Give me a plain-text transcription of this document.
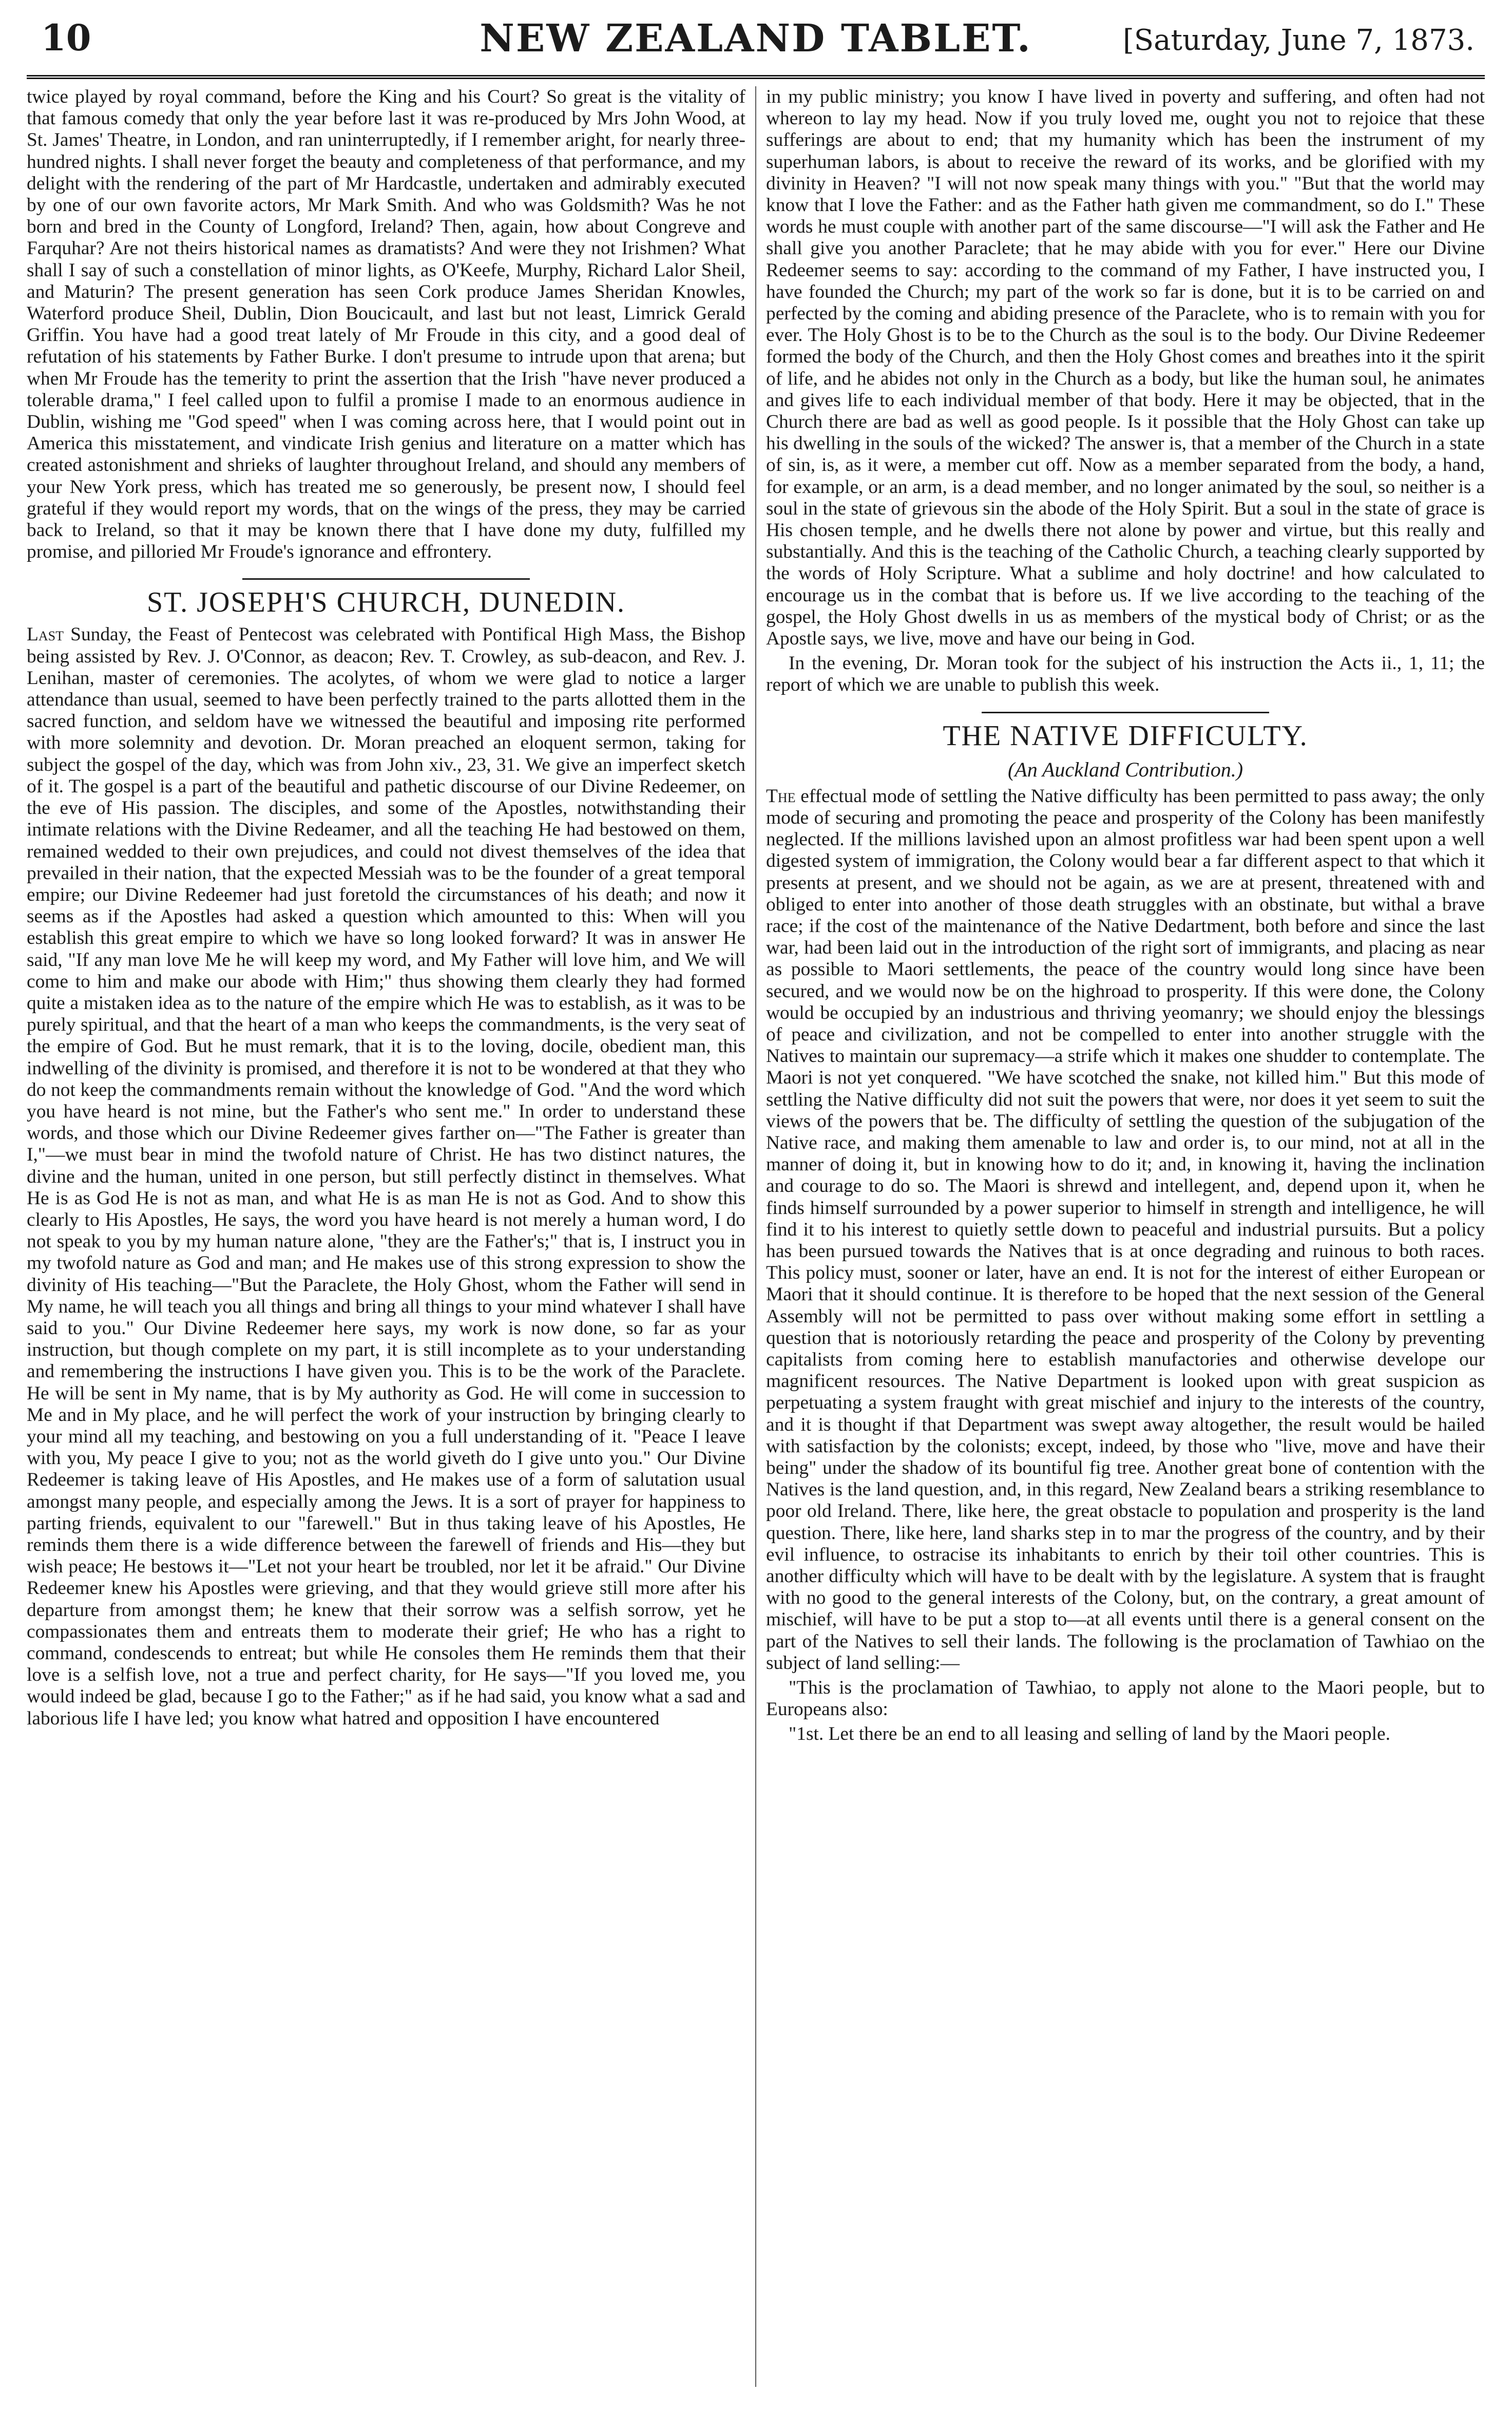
10	NEW ZEALAND TABLET.	[Saturday, June 7, 1873.

twice played by royal command, before the King and his Court? So great is the vitality of that famous comedy that only the year before last it was re-produced by Mrs John Wood, at St. James' Theatre, in London, and ran uninterruptedly, if I remember aright, for nearly three-hundred nights. I shall never forget the beauty and completeness of that performance, and my delight with the rendering of the part of Mr Hardcastle, undertaken and admirably executed by one of our own favorite actors, Mr Mark Smith. And who was Goldsmith? Was he not born and bred in the County of Longford, Ireland? Then, again, how about Congreve and Farquhar? Are not theirs historical names as dramatists? And were they not Irishmen? What shall I say of such a constellation of minor lights, as O'Keefe, Murphy, Richard Lalor Sheil, and Maturin? The present generation has seen Cork produce James Sheridan Knowles, Waterford produce Sheil, Dublin, Dion Boucicault, and last but not least, Limrick Gerald Griffin. You have had a good treat lately of Mr Froude in this city, and a good deal of refutation of his statements by Father Burke. I don't presume to intrude upon that arena; but when Mr Froude has the temerity to print the assertion that the Irish "have never produced a tolerable drama," I feel called upon to fulfil a promise I made to an enormous audience in Dublin, wishing me "God speed" when I was coming across here, that I would point out in America this misstatement, and vindicate Irish genius and literature on a matter which has created astonishment and shrieks of laughter throughout Ireland, and should any members of your New York press, which has treated me so generously, be present now, I should feel grateful if they would report my words, that on the wings of the press, they may be carried back to Ireland, so that it may be known there that I have done my duty, fulfilled my promise, and pilloried Mr Froude's ignorance and effrontery.

ST. JOSEPH'S CHURCH, DUNEDIN.

Last Sunday, the Feast of Pentecost was celebrated with Pontifical High Mass, the Bishop being assisted by Rev. J. O'Connor, as deacon; Rev. T. Crowley, as sub-deacon, and Rev. J. Lenihan, master of ceremonies. The acolytes, of whom we were glad to notice a larger attendance than usual, seemed to have been perfectly trained to the parts allotted them in the sacred function, and seldom have we witnessed the beautiful and imposing rite performed with more solemnity and devotion. Dr. Moran preached an eloquent sermon, taking for subject the gospel of the day, which was from John xiv., 23, 31. We give an imperfect sketch of it. The gospel is a part of the beautiful and pathetic discourse of our Divine Redeemer, on the eve of His passion. The disciples, and some of the Apostles, notwithstanding their intimate relations with the Divine Redeamer, and all the teaching He had bestowed on them, remained wedded to their own prejudices, and could not divest themselves of the idea that prevailed in their nation, that the expected Messiah was to be the founder of a great temporal empire; our Divine Redeemer had just foretold the circumstances of his death; and now it seems as if the Apostles had asked a question which amounted to this: When will you establish this great empire to which we have so long looked forward? It was in answer He said, "If any man love Me he will keep my word, and My Father will love him, and We will come to him and make our abode with Him;" thus showing them clearly they had formed quite a mistaken idea as to the nature of the empire which He was to establish, as it was to be purely spiritual, and that the heart of a man who keeps the commandments, is the very seat of the empire of God. But he must remark, that it is to the loving, docile, obedient man, this indwelling of the divinity is promised, and therefore it is not to be wondered at that they who do not keep the commandments remain without the knowledge of God. "And the word which you have heard is not mine, but the Father's who sent me." In order to understand these words, and those which our Divine Redeemer gives farther on—"The Father is greater than I,"—we must bear in mind the twofold nature of Christ. He has two distinct natures, the divine and the human, united in one person, but still perfectly distinct in themselves. What He is as God He is not as man, and what He is as man He is not as God. And to show this clearly to His Apostles, He says, the word you have heard is not merely a human word, I do not speak to you by my human nature alone, "they are the Father's;" that is, I instruct you in my twofold nature as God and man; and He makes use of this strong expression to show the divinity of His teaching—"But the Paraclete, the Holy Ghost, whom the Father will send in My name, he will teach you all things and bring all things to your mind whatever I shall have said to you." Our Divine Redeemer here says, my work is now done, so far as your instruction, but though complete on my part, it is still incomplete as to your understanding and remembering the instructions I have given you. This is to be the work of the Paraclete. He will be sent in My name, that is by My authority as God. He will come in succession to Me and in My place, and he will perfect the work of your instruction by bringing clearly to your mind all my teaching, and bestowing on you a full understanding of it. "Peace I leave with you, My peace I give to you; not as the world giveth do I give unto you." Our Divine Redeemer is taking leave of His Apostles, and He makes use of a form of salutation usual amongst many people, and especially among the Jews. It is a sort of prayer for happiness to parting friends, equivalent to our "farewell." But in thus taking leave of his Apostles, He reminds them there is a wide difference between the farewell of friends and His—they but wish peace; He bestows it—"Let not your heart be troubled, nor let it be afraid." Our Divine Redeemer knew his Apostles were grieving, and that they would grieve still more after his departure from amongst them; he knew that their sorrow was a selfish sorrow, yet he compassionates them and entreats them to moderate their grief; He who has a right to command, condescends to entreat; but while He consoles them He reminds them that their love is a selfish love, not a true and perfect charity, for He says—"If you loved me, you would indeed be glad, because I go to the Father;" as if he had said, you know what a sad and laborious life I have led; you know what hatred and opposition I have encountered

in my public ministry; you know I have lived in poverty and suffering, and often had not whereon to lay my head. Now if you truly loved me, ought you not to rejoice that these sufferings are about to end; that my humanity which has been the instrument of my superhuman labors, is about to receive the reward of its works, and be glorified with my divinity in Heaven? "I will not now speak many things with you." "But that the world may know that I love the Father: and as the Father hath given me commandment, so do I." These words he must couple with another part of the same discourse—"I will ask the Father and He shall give you another Paraclete; that he may abide with you for ever." Here our Divine Redeemer seems to say: according to the command of my Father, I have instructed you, I have founded the Church; my part of the work so far is done, but it is to be carried on and perfected by the coming and abiding presence of the Paraclete, who is to remain with you for ever. The Holy Ghost is to be to the Church as the soul is to the body. Our Divine Redeemer formed the body of the Church, and then the Holy Ghost comes and breathes into it the spirit of life, and he abides not only in the Church as a body, but like the human soul, he animates and gives life to each individual member of that body. Here it may be objected, that in the Church there are bad as well as good people. Is it possible that the Holy Ghost can take up his dwelling in the souls of the wicked? The answer is, that a member of the Church in a state of sin, is, as it were, a member cut off. Now as a member separated from the body, a hand, for example, or an arm, is a dead member, and no longer animated by the soul, so neither is a soul in the state of grievous sin the abode of the Holy Spirit. But a soul in the state of grace is His chosen temple, and he dwells there not alone by power and virtue, but this really and substantially. And this is the teaching of the Catholic Church, a teaching clearly supported by the words of Holy Scripture. What a sublime and holy doctrine! and how calculated to encourage us in the combat that is before us. If we live according to the teaching of the gospel, the Holy Ghost dwells in us as members of the mystical body of Christ; or as the Apostle says, we live, move and have our being in God.

In the evening, Dr. Moran took for the subject of his instruction the Acts ii., 1, 11; the report of which we are unable to publish this week.

THE NATIVE DIFFICULTY.
(An Auckland Contribution.)

The effectual mode of settling the Native difficulty has been permitted to pass away; the only mode of securing and promoting the peace and prosperity of the Colony has been manifestly neglected. If the millions lavished upon an almost profitless war had been spent upon a well digested system of immigration, the Colony would bear a far different aspect to that which it presents at present, and we should not be again, as we are at present, threatened with and obliged to enter into another of those death struggles with an obstinate, but withal a brave race; if the cost of the maintenance of the Native Dedartment, both before and since the last war, had been laid out in the introduction of the right sort of immigrants, and placing as near as possible to Maori settlements, the peace of the country would long since have been secured, and we would now be on the highroad to prosperity. If this were done, the Colony would be occupied by an industrious and thriving yeomanry; we should enjoy the blessings of peace and civilization, and not be compelled to enter into another struggle with the Natives to maintain our supremacy—a strife which it makes one shudder to contemplate. The Maori is not yet conquered. "We have scotched the snake, not killed him." But this mode of settling the Native difficulty did not suit the powers that were, nor does it yet seem to suit the views of the powers that be. The difficulty of settling the question of the subjugation of the Native race, and making them amenable to law and order is, to our mind, not at all in the manner of doing it, but in knowing how to do it; and, in knowing it, having the inclination and courage to do so. The Maori is shrewd and intellegent, and, depend upon it, when he finds himself surrounded by a power superior to himself in strength and intelligence, he will find it to his interest to quietly settle down to peaceful and industrial pursuits. But a policy has been pursued towards the Natives that is at once degrading and ruinous to both races. This policy must, sooner or later, have an end. It is not for the interest of either European or Maori that it should continue. It is therefore to be hoped that the next session of the General Assembly will not be permitted to pass over without making some effort in settling a question that is notoriously retarding the peace and prosperity of the Colony by preventing capitalists from coming here to establish manufactories and otherwise develope our magnificent resources. The Native Department is looked upon with great suspicion as perpetuating a system fraught with great mischief and injury to the interests of the country, and it is thought if that Department was swept away altogether, the result would be hailed with satisfaction by the colonists; except, indeed, by those who "live, move and have their being" under the shadow of its bountiful fig tree. Another great bone of contention with the Natives is the land question, and, in this regard, New Zealand bears a striking resemblance to poor old Ireland. There, like here, the great obstacle to population and prosperity is the land question. There, like here, land sharks step in to mar the progress of the country, and by their evil influence, to ostracise its inhabitants to enrich by their toil other countries. This is another difficulty which will have to be dealt with by the legislature. A system that is fraught with no good to the general interests of the Colony, but, on the contrary, a great amount of mischief, will have to be put a stop to—at all events until there is a general consent on the part of the Natives to sell their lands. The following is the proclamation of Tawhiao on the subject of land selling:—

"This is the proclamation of Tawhiao, to apply not alone to the Maori people, but to Europeans also:

"1st. Let there be an end to all leasing and selling of land by the Maori people.
